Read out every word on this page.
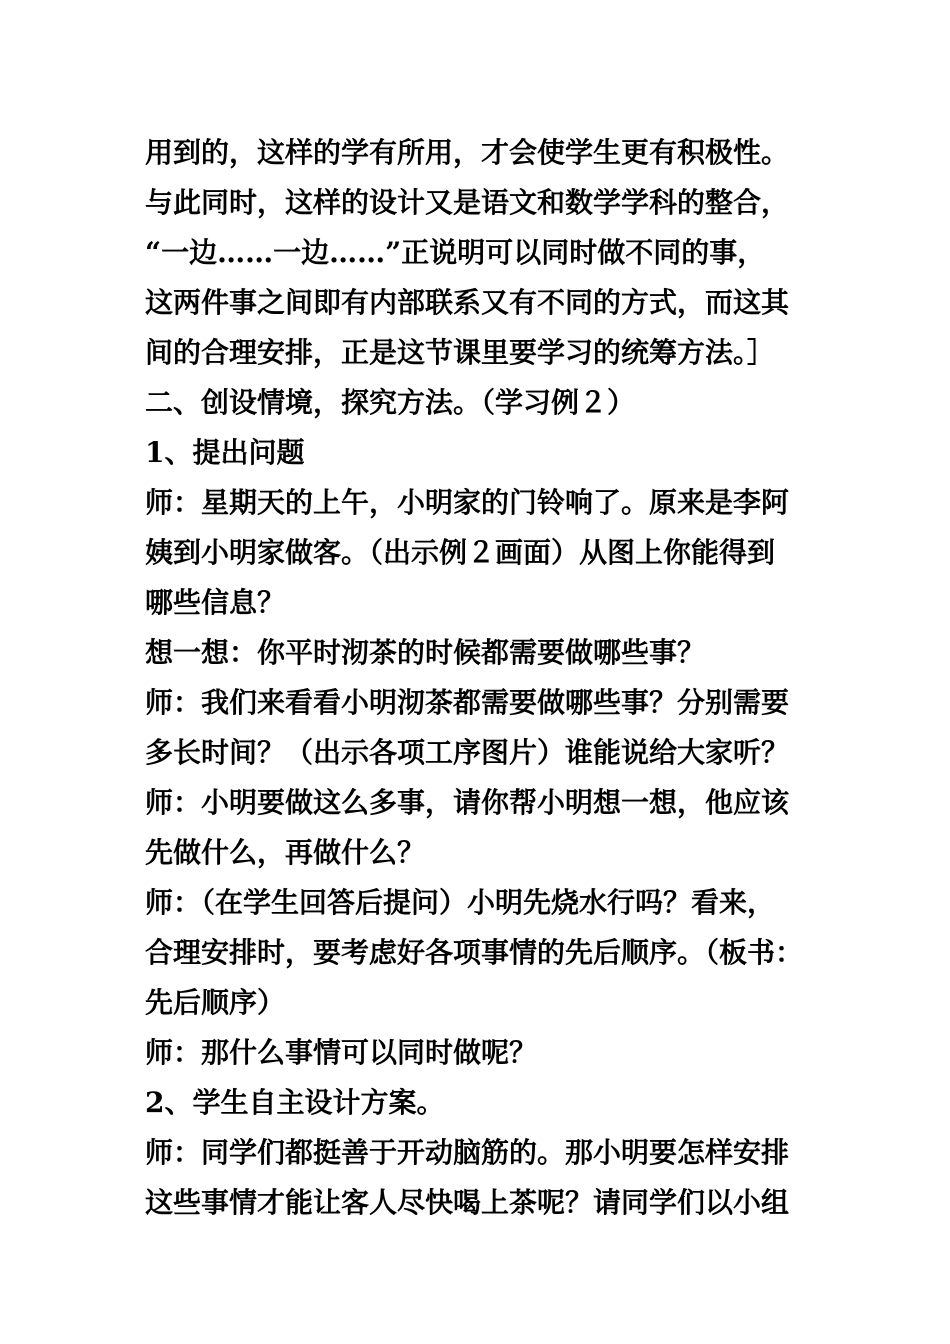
用到的，这样的学有所用，才会使学生更有积极性。
与此同时，这样的设计又是语文和数学学科的整合，
“一边……一边……”正说明可以同时做不同的事，
这两件事之间即有内部联系又有不同的方式，而这其
间的合理安排，正是这节课里要学习的统筹方法。］
二、创设情境，探究方法。（学习例２）
1、提出问题
师：星期天的上午，小明家的门铃响了。原来是李阿
姨到小明家做客。（出示例２画面）从图上你能得到
哪些信息？
想一想：你平时沏茶的时候都需要做哪些事？
师：我们来看看小明沏茶都需要做哪些事？分别需要
多长时间？（出示各项工序图片）谁能说给大家听？
师：小明要做这么多事，请你帮小明想一想，他应该
先做什么，再做什么？
师：（在学生回答后提问）小明先烧水行吗？看来，
合理安排时，要考虑好各项事情的先后顺序。（板书：
先后顺序）
师：那什么事情可以同时做呢？
2、学生自主设计方案。
师：同学们都挺善于开动脑筋的。那小明要怎样安排
这些事情才能让客人尽快喝上茶呢？请同学们以小组
